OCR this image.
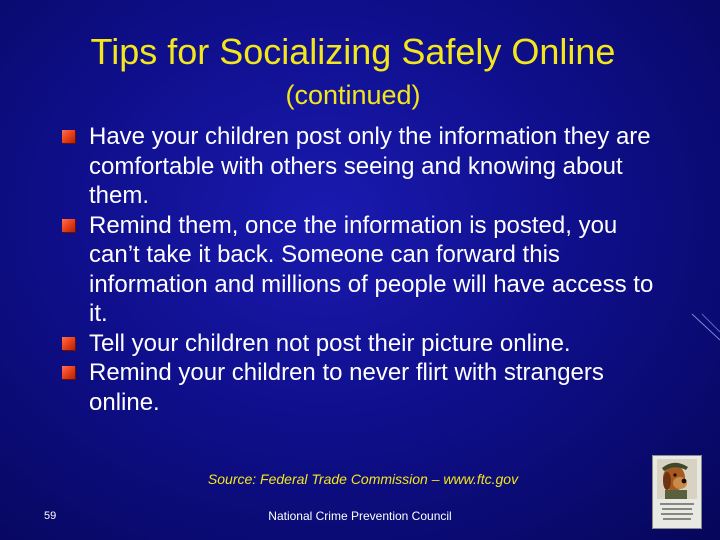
Tips for Socializing Safely Online
(continued)
Have your children post only the information they are comfortable with others seeing and knowing about them.
Remind them, once the information is posted, you can’t take it back. Someone can forward this information and millions of people will have access to it.
Tell your children not post their picture online.
Remind your children to never flirt with strangers online.
Source: Federal Trade Commission – www.ftc.gov
59	National Crime Prevention Council
